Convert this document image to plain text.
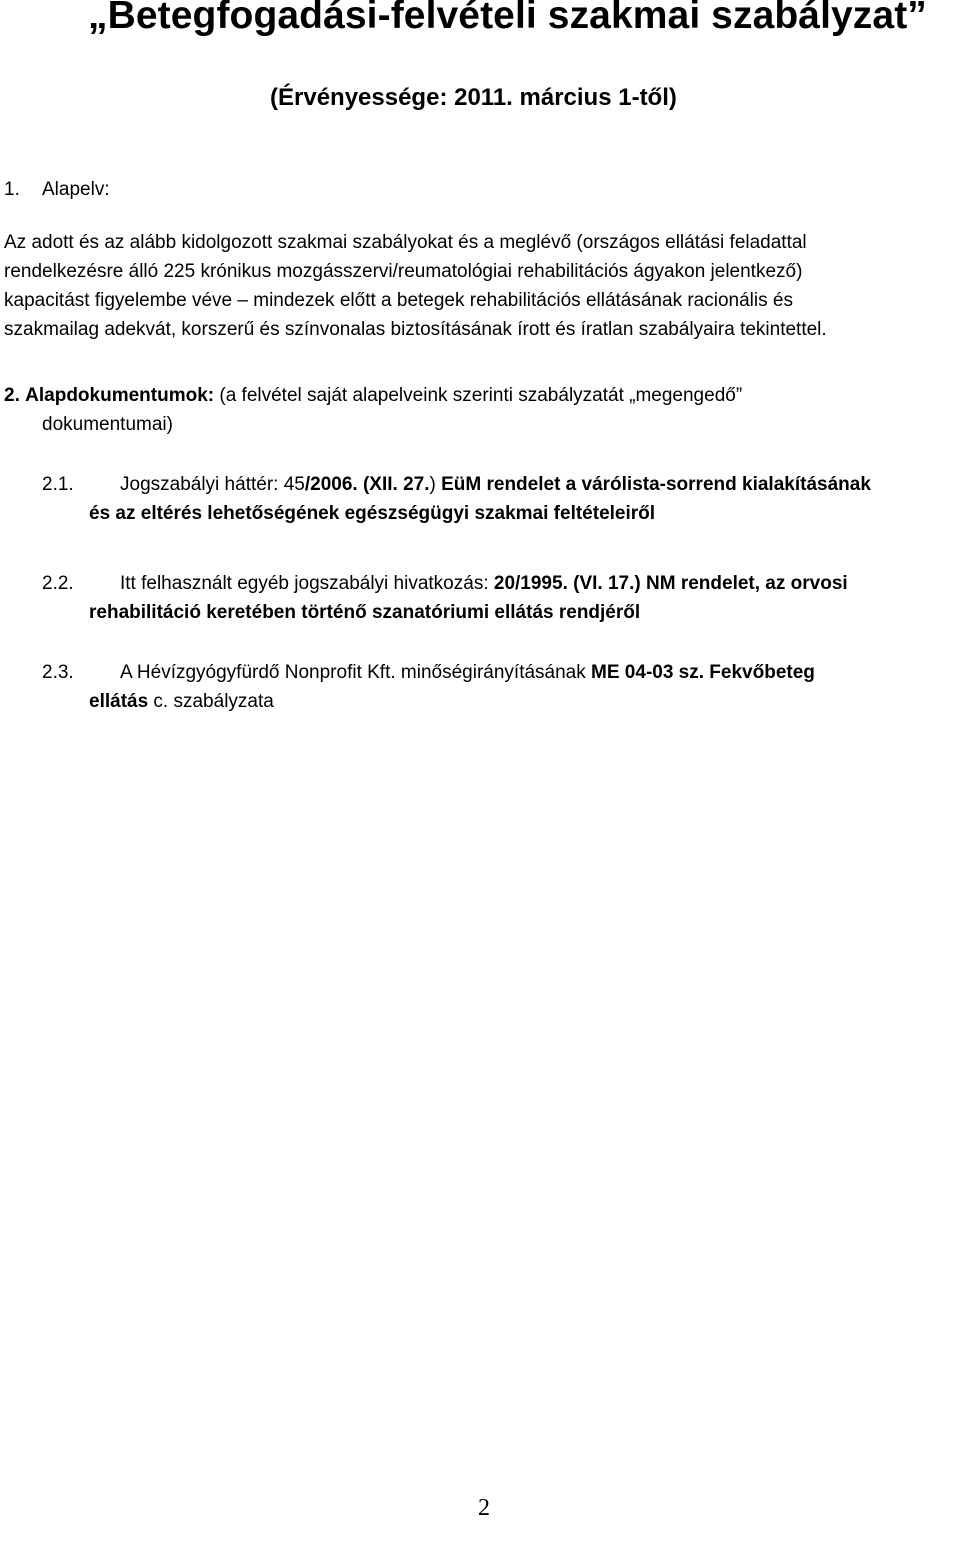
„Betegfogadási-felvételi szakmai szabályzat”

(Érvényessége: 2011. március 1-től)

1. Alapelv:

Az adott és az alább kidolgozott szakmai szabályokat és a meglévő (országos ellátási feladattal
rendelkezésre álló 225 krónikus mozgásszervi/reumatológiai rehabilitációs ágyakon jelentkező)
kapacitást figyelembe véve – mindezek előtt a betegek rehabilitációs ellátásának racionális és
szakmailag adekvát, korszerű és színvonalas biztosításának írott és íratlan szabályaira tekintettel.

2. Alapdokumentumok: (a felvétel saját alapelveink szerinti szabályzatát „megengedő”
dokumentumai)
2.1. Jogszabályi háttér: 45/2006. (XII. 27.) EüM rendelet a várólista-sorrend kialakításának
és az eltérés lehetőségének egészségügyi szakmai feltételeiről
2.2. Itt felhasznált egyéb jogszabályi hivatkozás: 20/1995. (VI. 17.) NM rendelet, az orvosi
rehabilitáció keretében történő szanatóriumi ellátás rendjéről
2.3. A Hévízgyógyfürdő Nonprofit Kft. minőségirányításának ME 04-03 sz. Fekvőbeteg
ellátás c. szabályzata

2
